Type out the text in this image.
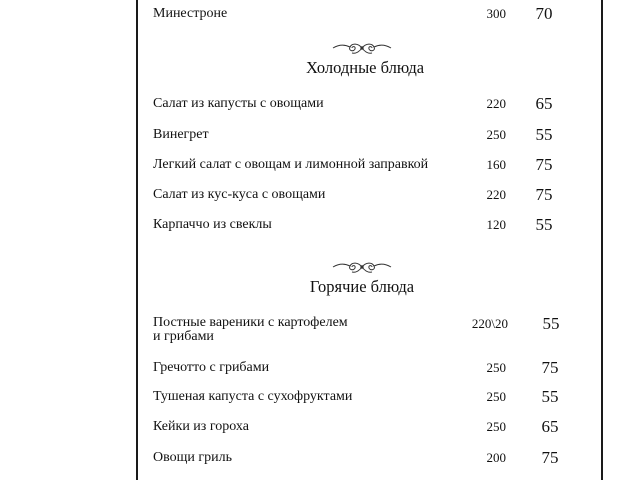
Минестроне	300	70
Холодные блюда
Салат из капусты с овощами	220	65
Винегрет	250	55
Легкий салат с овощам и лимонной заправкой	160	75
Салат из кус-куса с овощами	220	75
Карпаччо из свеклы	120	55
Горячие блюда
Постные вареники с картофелем
и грибами
220\20	55
Гречотто с грибами	250	75
Тушеная капуста с сухофруктами	250	55
Кейки из гороха	250	65
Овощи гриль	200	75
